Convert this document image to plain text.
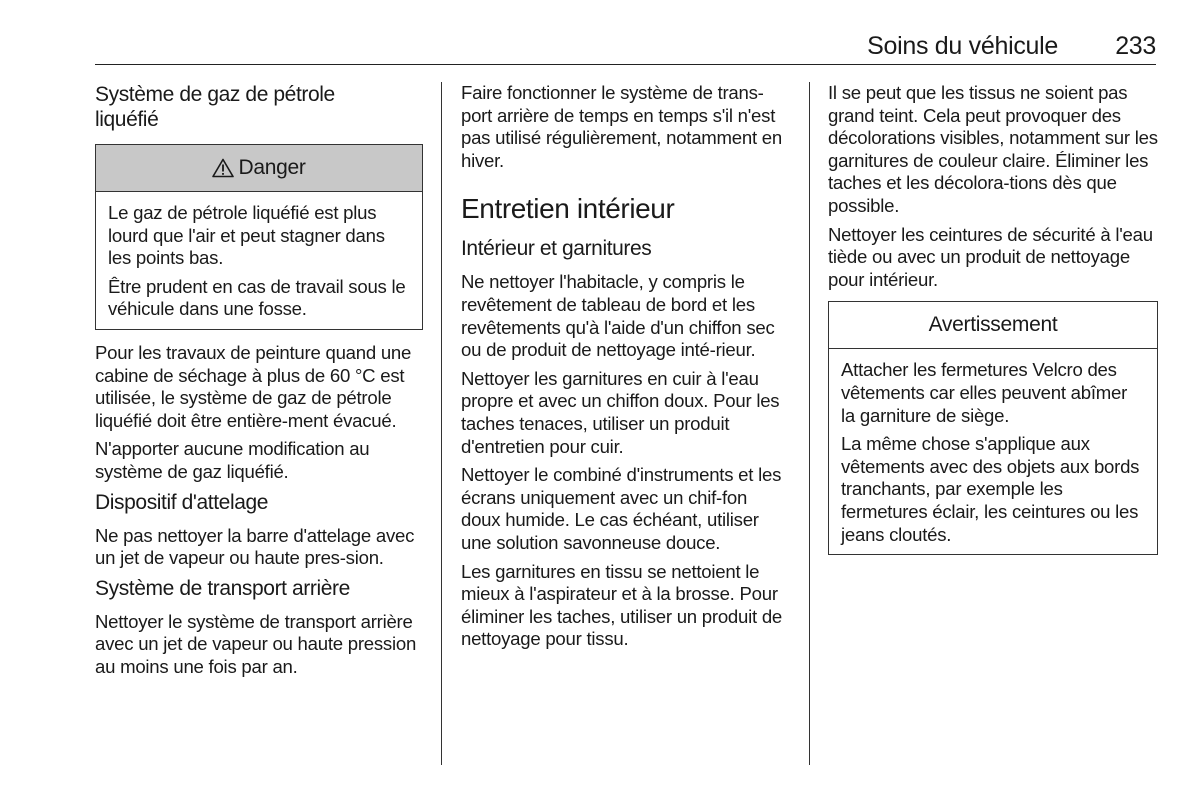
Soins du véhicule 233
Système de gaz de pétrole liquéfié
Danger

Le gaz de pétrole liquéfié est plus lourd que l'air et peut stagner dans les points bas.

Être prudent en cas de travail sous le véhicule dans une fosse.

Pour les travaux de peinture quand une cabine de séchage à plus de 60 °C est utilisée, le système de gaz de pétrole liquéfié doit être entière-ment évacué.

N'apporter aucune modification au système de gaz liquéfié.

Dispositif d'attelage

Ne pas nettoyer la barre d'attelage avec un jet de vapeur ou haute pres-sion.

Système de transport arrière

Nettoyer le système de transport arrière avec un jet de vapeur ou haute pression au moins une fois par an.

Faire fonctionner le système de trans-port arrière de temps en temps s'il n'est pas utilisé régulièrement, notamment en hiver.

Entretien intérieur
Intérieur et garnitures

Ne nettoyer l'habitacle, y compris le revêtement de tableau de bord et les revêtements qu'à l'aide d'un chiffon sec ou de produit de nettoyage inté-rieur.

Nettoyer les garnitures en cuir à l'eau propre et avec un chiffon doux. Pour les taches tenaces, utiliser un produit d'entretien pour cuir.

Nettoyer le combiné d'instruments et les écrans uniquement avec un chif-fon doux humide. Le cas échéant, utiliser une solution savonneuse douce.

Les garnitures en tissu se nettoient le mieux à l'aspirateur et à la brosse. Pour éliminer les taches, utiliser un produit de nettoyage pour tissu.

Il se peut que les tissus ne soient pas grand teint. Cela peut provoquer des décolorations visibles, notamment sur les garnitures de couleur claire. Éliminer les taches et les décolora-tions dès que possible.

Nettoyer les ceintures de sécurité à l'eau tiède ou avec un produit de nettoyage pour intérieur.

Avertissement

Attacher les fermetures Velcro des vêtements car elles peuvent abîmer la garniture de siège.

La même chose s'applique aux vêtements avec des objets aux bords tranchants, par exemple les fermetures éclair, les ceintures ou les jeans cloutés.
